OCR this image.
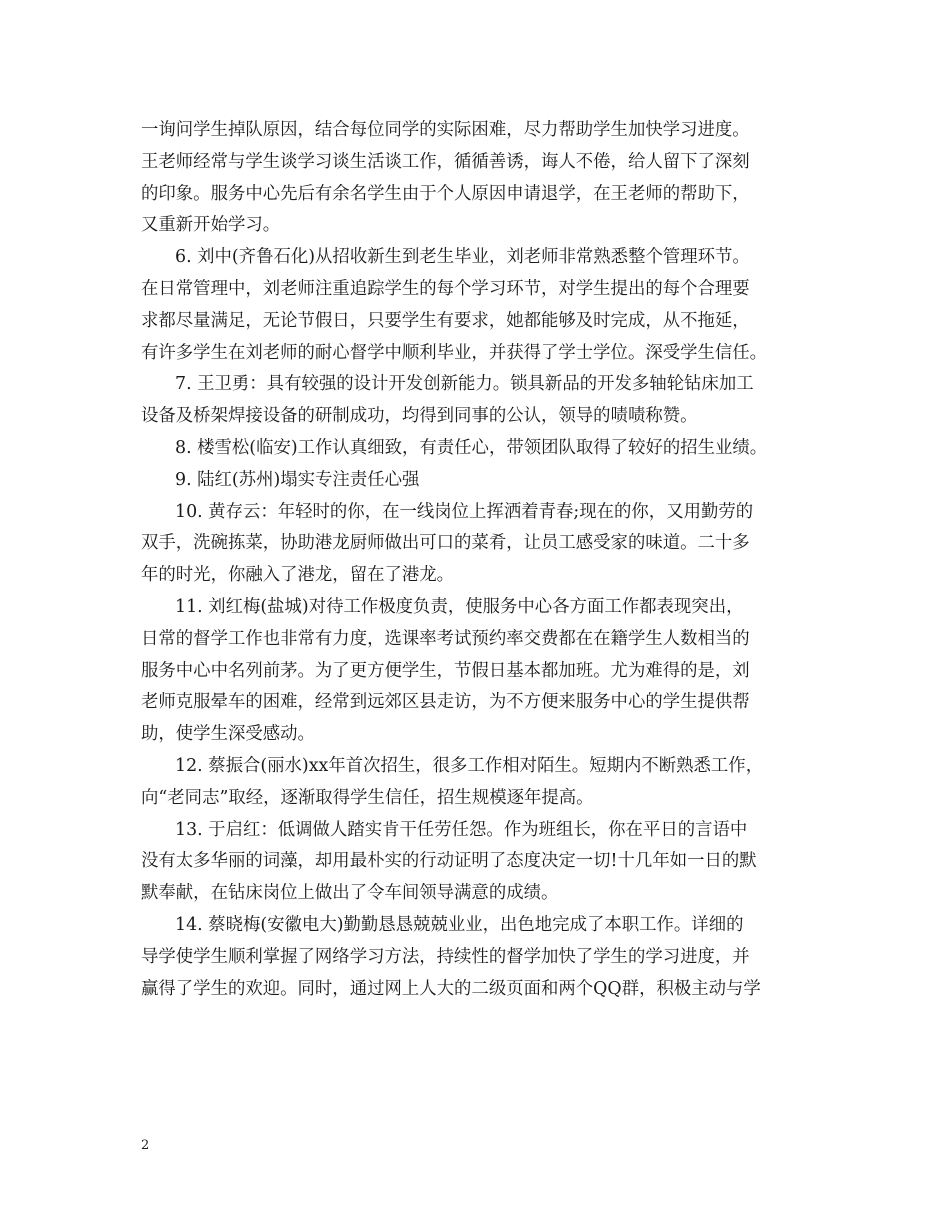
一询问学生掉队原因，结合每位同学的实际困难，尽力帮助学生加快学习进度。
王老师经常与学生谈学习谈生活谈工作，循循善诱，诲人不倦，给人留下了深刻
的印象。服务中心先后有余名学生由于个人原因申请退学，在王老师的帮助下，
又重新开始学习。
6. 刘中(齐鲁石化)从招收新生到老生毕业，刘老师非常熟悉整个管理环节。
在日常管理中，刘老师注重追踪学生的每个学习环节，对学生提出的每个合理要
求都尽量满足，无论节假日，只要学生有要求，她都能够及时完成，从不拖延，
有许多学生在刘老师的耐心督学中顺利毕业，并获得了学士学位。深受学生信任。
7. 王卫勇：具有较强的设计开发创新能力。锁具新品的开发多轴轮钻床加工
设备及桥架焊接设备的研制成功，均得到同事的公认，领导的啧啧称赞。
8. 楼雪松(临安)工作认真细致，有责任心，带领团队取得了较好的招生业绩。
9. 陆红(苏州)塌实专注责任心强
10. 黄存云：年轻时的你，在一线岗位上挥洒着青春;现在的你，又用勤劳的
双手，洗碗拣菜，协助港龙厨师做出可口的菜肴，让员工感受家的味道。二十多
年的时光，你融入了港龙，留在了港龙。
11. 刘红梅(盐城)对待工作极度负责，使服务中心各方面工作都表现突出，
日常的督学工作也非常有力度，选课率考试预约率交费都在在籍学生人数相当的
服务中心中名列前茅。为了更方便学生，节假日基本都加班。尤为难得的是，刘
老师克服晕车的困难，经常到远郊区县走访，为不方便来服务中心的学生提供帮
助，使学生深受感动。
12. 蔡振合(丽水)xx年首次招生，很多工作相对陌生。短期内不断熟悉工作，
向“老同志”取经，逐渐取得学生信任，招生规模逐年提高。
13. 于启红：低调做人踏实肯干任劳任怨。作为班组长，你在平日的言语中
没有太多华丽的词藻，却用最朴实的行动证明了态度决定一切!十几年如一日的默
默奉献，在钻床岗位上做出了令车间领导满意的成绩。
14. 蔡晓梅(安徽电大)勤勤恳恳兢兢业业，出色地完成了本职工作。详细的
导学使学生顺利掌握了网络学习方法，持续性的督学加快了学生的学习进度，并
赢得了学生的欢迎。同时，通过网上人大的二级页面和两个QQ群，积极主动与学
2
